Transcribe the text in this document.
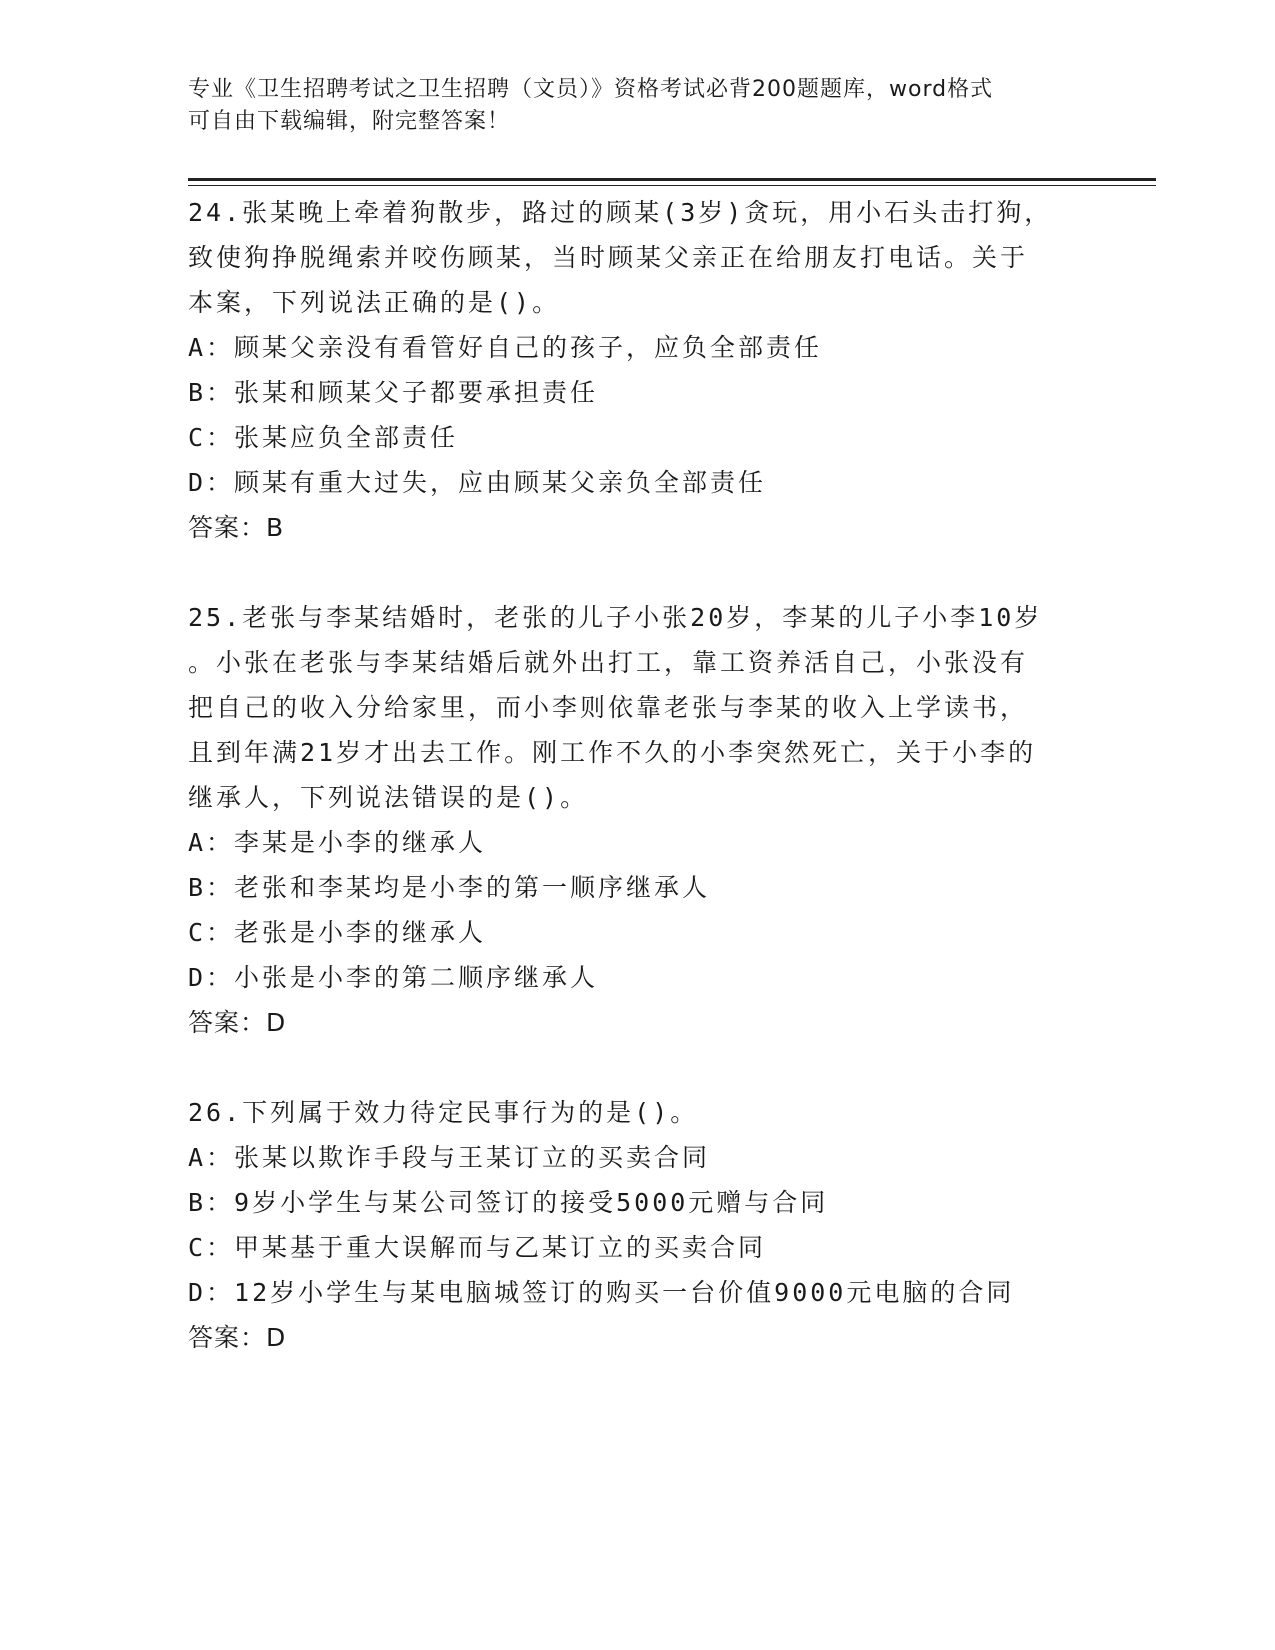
专业《卫生招聘考试之卫生招聘（文员）》资格考试必背200题题库，word格式

可自由下载编辑，附完整答案！

24.张某晚上牵着狗散步，路过的顾某(3岁)贪玩，用小石头击打狗，

致使狗挣脱绳索并咬伤顾某，当时顾某父亲正在给朋友打电话。关于

本案，下列说法正确的是()。

A：顾某父亲没有看管好自己的孩子，应负全部责任

B：张某和顾某父子都要承担责任

C：张某应负全部责任

D：顾某有重大过失，应由顾某父亲负全部责任

答案：B

25.老张与李某结婚时，老张的儿子小张20岁，李某的儿子小李10岁

。小张在老张与李某结婚后就外出打工，靠工资养活自己，小张没有

把自己的收入分给家里，而小李则依靠老张与李某的收入上学读书，

且到年满21岁才出去工作。刚工作不久的小李突然死亡，关于小李的

继承人，下列说法错误的是()。

A：李某是小李的继承人

B：老张和李某均是小李的第一顺序继承人

C：老张是小李的继承人

D：小张是小李的第二顺序继承人

答案：D

26.下列属于效力待定民事行为的是()。

A：张某以欺诈手段与王某订立的买卖合同

B：9岁小学生与某公司签订的接受5000元赠与合同

C：甲某基于重大误解而与乙某订立的买卖合同

D：12岁小学生与某电脑城签订的购买一台价值9000元电脑的合同

答案：D
